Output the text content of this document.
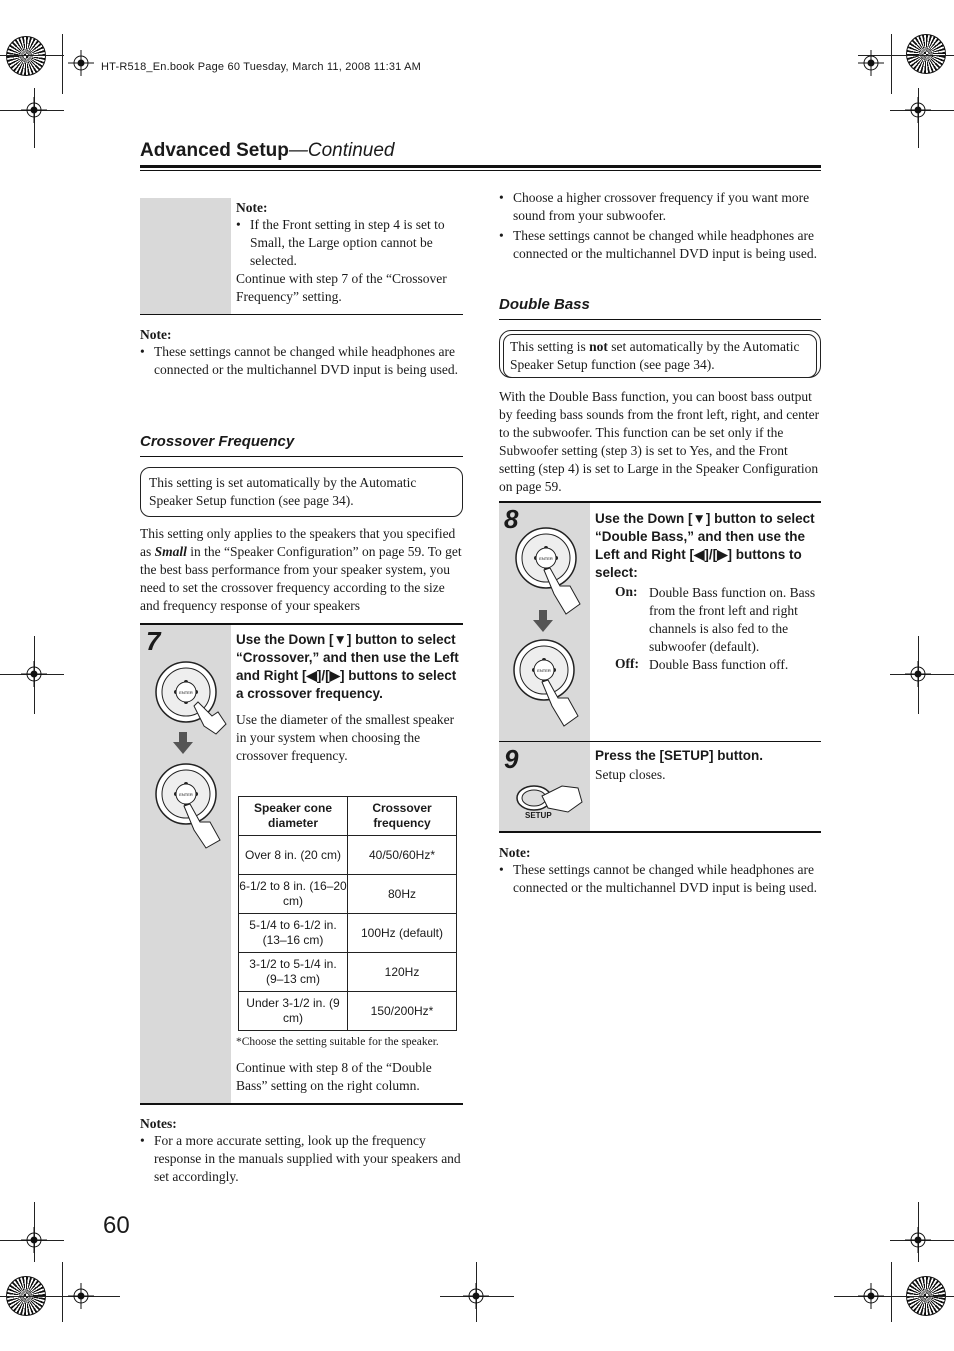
HT-R518_En.book Page 60 Tuesday, March 11, 2008 11:31 AM
Advanced Setup—Continued
Note:
• If the Front setting in step 4 is set to Small, the Large option cannot be selected.
Continue with step 7 of the “Crossover Frequency” setting.
Note:
• These settings cannot be changed while headphones are connected or the multichannel DVD input is being used.
Crossover Frequency
This setting is set automatically by the Automatic Speaker Setup function (see page 34).
This setting only applies to the speakers that you specified as Small in the “Speaker Configuration” on page 59. To get the best bass performance from your speaker system, you need to set the crossover frequency according to the size and frequency response of your speakers
7
ENTER
ENTER
Use the Down [▼] button to select “Crossover,” and then use the Left and Right [◀]/[▶] buttons to select a crossover frequency.
Use the diameter of the smallest speaker in your system when choosing the crossover frequency.
Speaker cone diameter	Crossover frequency
Over 8 in. (20 cm)	40/50/60Hz*
6-1/2 to 8 in. (16–20 cm)	80Hz
5-1/4 to 6-1/2 in. (13–16 cm)	100Hz (default)
3-1/2 to 5-1/4 in. (9–13 cm)	120Hz
Under 3-1/2 in. (9 cm)	150/200Hz*
*Choose the setting suitable for the speaker.
Continue with step 8 of the “Double Bass” setting on the right column.
Notes:
• For a more accurate setting, look up the frequency response in the manuals supplied with your speakers and set accordingly.
60
• Choose a higher crossover frequency if you want more sound from your subwoofer.
• These settings cannot be changed while headphones are connected or the multichannel DVD input is being used.
Double Bass
This setting is not set automatically by the Automatic Speaker Setup function (see page 34).
With the Double Bass function, you can boost bass output by feeding bass sounds from the front left, right, and center to the subwoofer. This function can be set only if the Subwoofer setting (step 3) is set to Yes, and the Front setting (step 4) is set to Large in the Speaker Configuration on page 59.
8
ENTER
ENTER
Use the Down [▼] button to select “Double Bass,” and then use the Left and Right [◀]/[▶] buttons to select:
On: Double Bass function on. Bass from the front left and right channels is also fed to the subwoofer (default).
Off: Double Bass function off.
9
SETUP
Press the [SETUP] button.
Setup closes.
Note:
• These settings cannot be changed while headphones are connected or the multichannel DVD input is being used.
